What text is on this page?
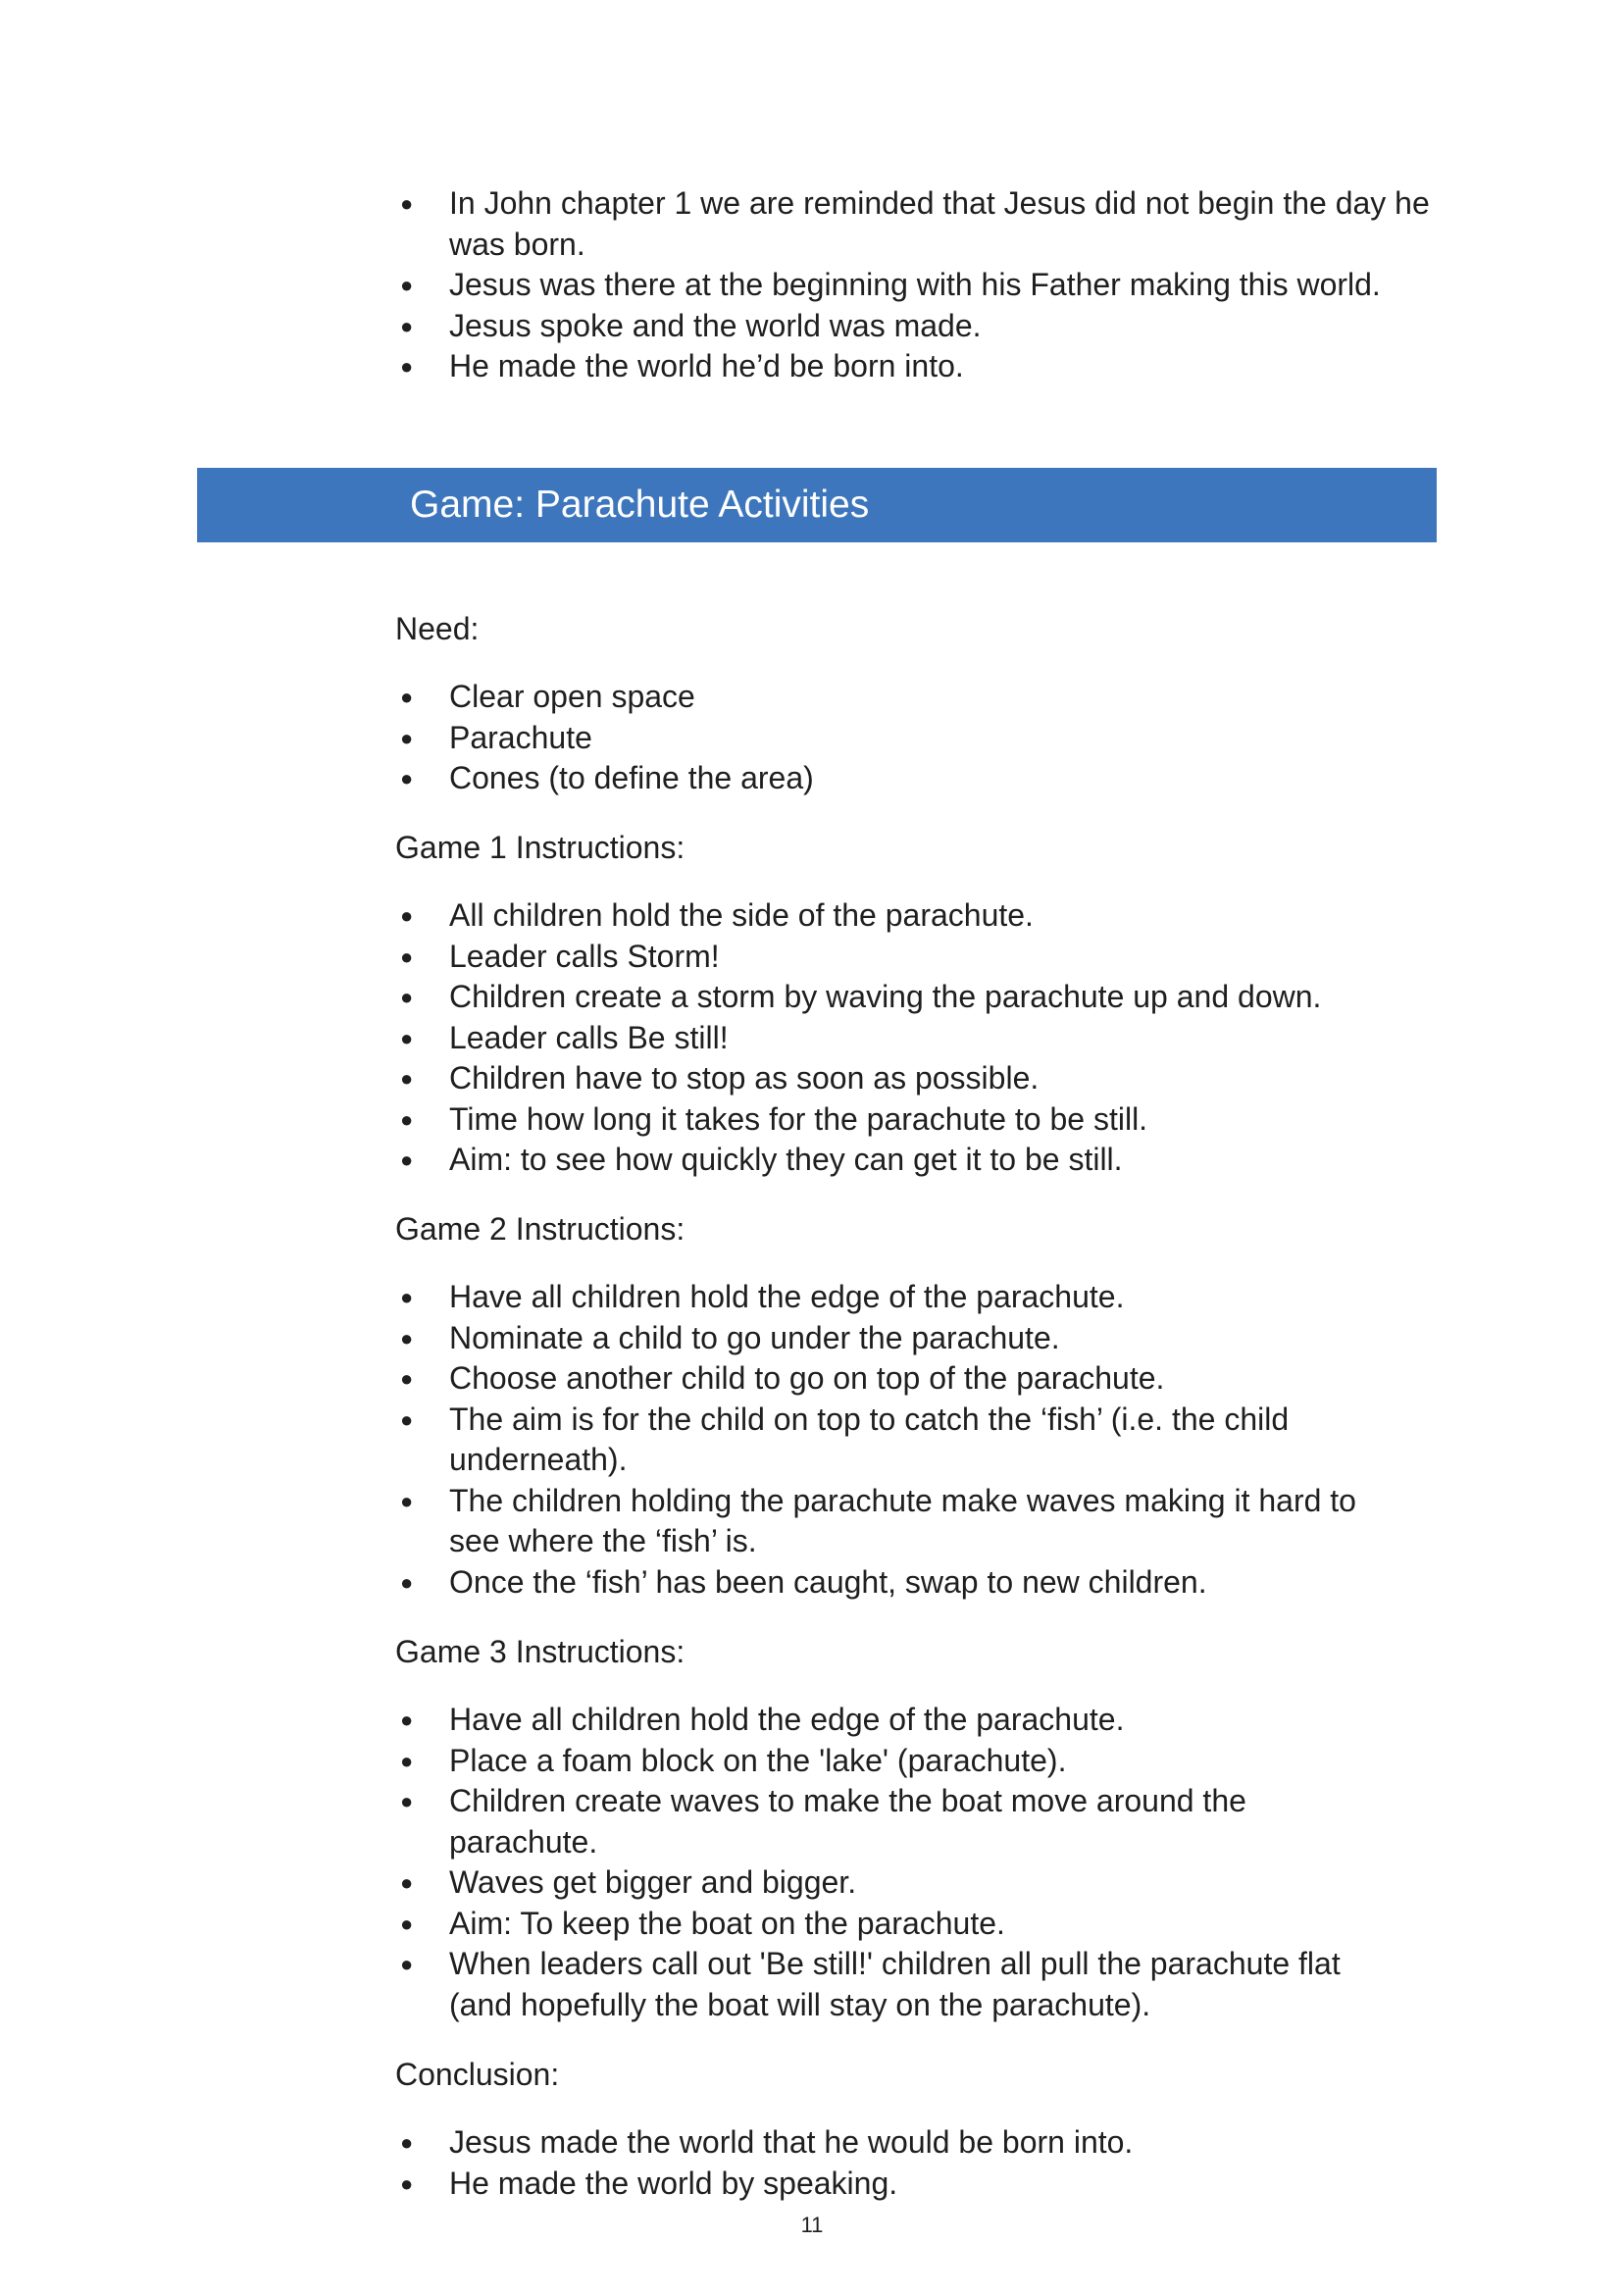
● In John chapter 1 we are reminded that Jesus did not begin the day he was born.
● Jesus was there at the beginning with his Father making this world.
● Jesus spoke and the world was made.
● He made the world he’d be born into.
Game: Parachute Activities

Need:

● Clear open space
● Parachute
● Cones (to define the area)

Game 1 Instructions:

● All children hold the side of the parachute.
● Leader calls Storm!
● Children create a storm by waving the parachute up and down.
● Leader calls Be still!
● Children have to stop as soon as possible.
● Time how long it takes for the parachute to be still.
● Aim: to see how quickly they can get it to be still.

Game 2 Instructions:

● Have all children hold the edge of the parachute.
● Nominate a child to go under the parachute.
● Choose another child to go on top of the parachute.
● The aim is for the child on top to catch the ‘fish’ (i.e. the child underneath).
● The children holding the parachute make waves making it hard to see where the ‘fish’ is.
● Once the ‘fish’ has been caught, swap to new children.

Game 3 Instructions:

● Have all children hold the edge of the parachute.
● Place a foam block on the 'lake' (parachute).
● Children create waves to make the boat move around the parachute.
● Waves get bigger and bigger.
● Aim: To keep the boat on the parachute.
● When leaders call out 'Be still!' children all pull the parachute flat (and hopefully the boat will stay on the parachute).

Conclusion:

● Jesus made the world that he would be born into.
● He made the world by speaking.
11
